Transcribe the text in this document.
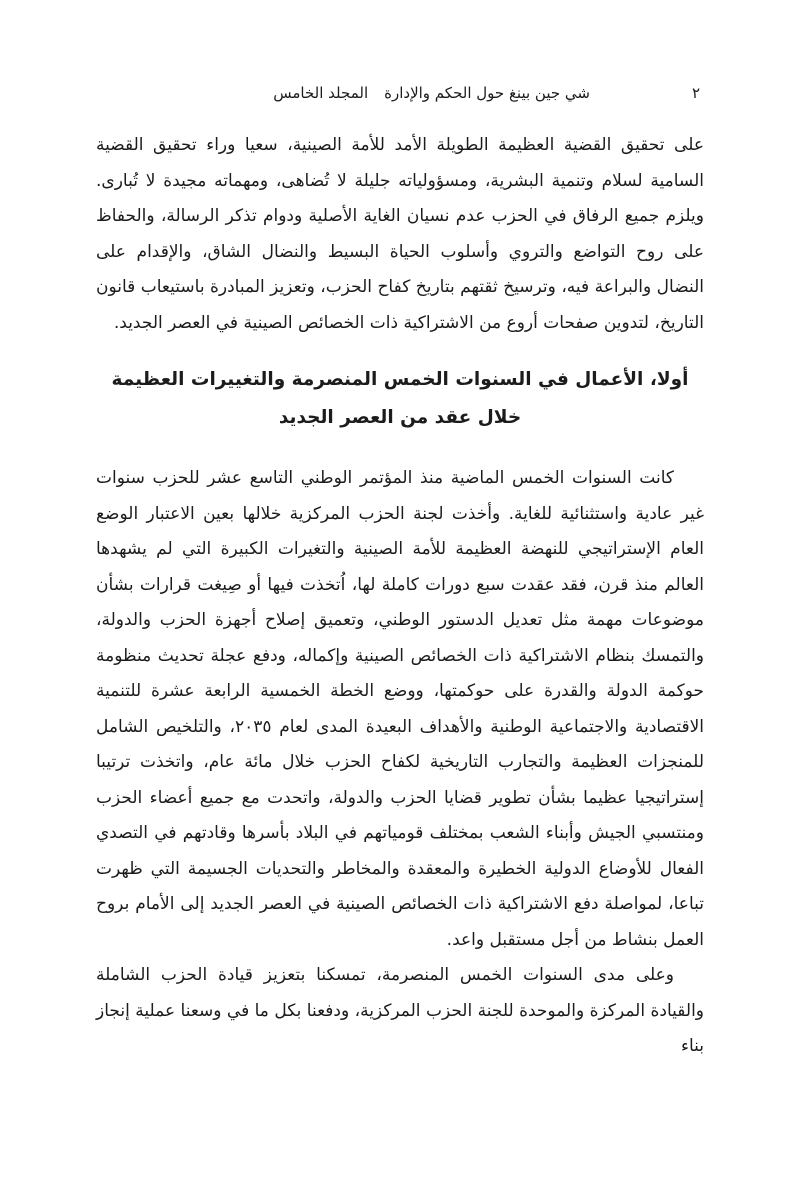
٢
شي جين بينغ حول الحكم والإدارةالمجلد الخامس

على تحقيق القضية العظيمة الطويلة الأمد للأمة الصينية، سعيا وراء تحقيق القضية السامية لسلام وتنمية البشرية، ومسؤولياته جليلة لا تُضاهى، ومهماته مجيدة لا تُبارى. ويلزم جميع الرفاق في الحزب عدم نسيان الغاية الأصلية ودوام تذكر الرسالة، والحفاظ على روح التواضع والتروي وأسلوب الحياة البسيط والنضال الشاق، والإقدام على النضال والبراعة فيه، وترسيخ ثقتهم بتاريخ كفاح الحزب، وتعزيز المبادرة باستيعاب قانون التاريخ، لتدوين صفحات أروع من الاشتراكية ذات الخصائص الصينية في العصر الجديد.

أولا، الأعمال في السنوات الخمس المنصرمة والتغييرات العظيمة خلال عقد من العصر الجديد

كانت السنوات الخمس الماضية منذ المؤتمر الوطني التاسع عشر للحزب سنوات غير عادية واستثنائية للغاية. وأخذت لجنة الحزب المركزية خلالها بعين الاعتبار الوضع العام الإستراتيجي للنهضة العظيمة للأمة الصينية والتغيرات الكبيرة التي لم يشهدها العالم منذ قرن، فقد عقدت سبع دورات كاملة لها، اُتخذت فيها أو صِيغت قرارات بشأن موضوعات مهمة مثل تعديل الدستور الوطني، وتعميق إصلاح أجهزة الحزب والدولة، والتمسك بنظام الاشتراكية ذات الخصائص الصينية وإكماله، ودفع عجلة تحديث منظومة حوكمة الدولة والقدرة على حوكمتها، ووضع الخطة الخمسية الرابعة عشرة للتنمية الاقتصادية والاجتماعية الوطنية والأهداف البعيدة المدى لعام ٢٠٣٥، والتلخيص الشامل للمنجزات العظيمة والتجارب التاريخية لكفاح الحزب خلال مائة عام، واتخذت ترتيبا إستراتيجيا عظيما بشأن تطوير قضايا الحزب والدولة، واتحدت مع جميع أعضاء الحزب ومنتسبي الجيش وأبناء الشعب بمختلف قومياتهم في البلاد بأسرها وقادتهم في التصدي الفعال للأوضاع الدولية الخطيرة والمعقدة والمخاطر والتحديات الجسيمة التي ظهرت تباعا، لمواصلة دفع الاشتراكية ذات الخصائص الصينية في العصر الجديد إلى الأمام بروح العمل بنشاط من أجل مستقبل واعد.

وعلى مدى السنوات الخمس المنصرمة، تمسكنا بتعزيز قيادة الحزب الشاملة والقيادة المركزة والموحدة للجنة الحزب المركزية، ودفعنا بكل ما في وسعنا عملية إنجاز بناء
